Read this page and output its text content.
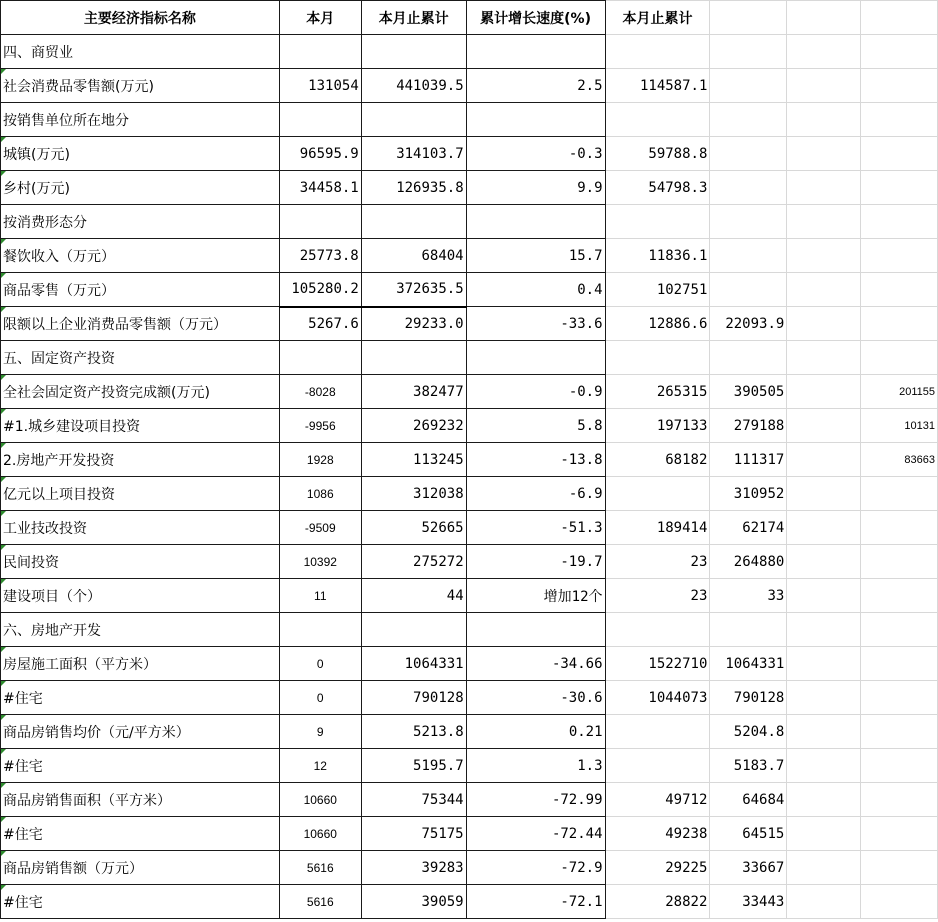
主要经济指标名称	本月	本月止累计	累计增长速度(%)	本月止累计			
四、商贸业							
社会消费品零售额(万元)	131054	441039.5	2.5	114587.1			
按销售单位所在地分							
城镇(万元)	96595.9	314103.7	-0.3	59788.8			
乡村(万元)	34458.1	126935.8	9.9	54798.3			
按消费形态分							
餐饮收入（万元）	25773.8	68404	15.7	11836.1			
商品零售（万元）	105280.2	372635.5	0.4	102751			
限额以上企业消费品零售额（万元）	5267.6	29233.0	-33.6	12886.6	22093.9		
五、固定资产投资							
全社会固定资产投资完成额(万元)	-8028	382477	-0.9	265315	390505		201155
#1.城乡建设项目投资	-9956	269232	5.8	197133	279188		10131
2.房地产开发投资	1928	113245	-13.8	68182	111317		83663
亿元以上项目投资	1086	312038	-6.9		310952		
工业技改投资	-9509	52665	-51.3	189414	62174		
民间投资	10392	275272	-19.7	23	264880		
建设项目（个）	11	44	增加12个	23	33		
六、房地产开发							
房屋施工面积（平方米）	0	1064331	-34.66	1522710	1064331		
#住宅	0	790128	-30.6	1044073	790128		
商品房销售均价（元/平方米）	9	5213.8	0.21		5204.8		
#住宅	12	5195.7	1.3		5183.7		
商品房销售面积（平方米）	10660	75344	-72.99	49712	64684		
#住宅	10660	75175	-72.44	49238	64515		
商品房销售额（万元）	5616	39283	-72.9	29225	33667		
#住宅	5616	39059	-72.1	28822	33443		
